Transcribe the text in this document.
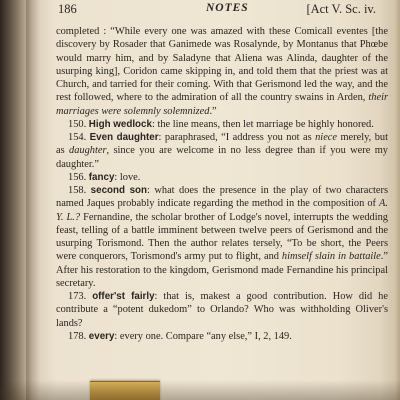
186	NOTES	[Act V. Sc. iv.

completed : “While every one was amazed with these Comicall eventes [the discovery by Rosader that Ganimede was Rosalynde, by Montanus that Phœbe would marry him, and by Saladyne that Aliena was Alinda, daughter of the usurping king], Coridon came skipping in, and told them that the priest was at Church, and tarried for their coming. With that Gerismond led the way, and the rest followed, where to the admiration of all the country swains in Arden, their marriages were solemnly solemnized.”

150. High wedlock: the line means, then let marriage be highly honored.

154. Even daughter: paraphrased, “I address you not as niece merely, but as daughter, since you are welcome in no less degree than if you were my daughter.”

156. fancy: love.

158. second son: what does the presence in the play of two characters named Jaques probably indicate regarding the method in the composition of A. Y. L.? Fernandine, the scholar brother of Lodge's novel, interrupts the wedding feast, telling of a battle imminent between twelve peers of Gerismond and the usurping Torismond. Then the author relates tersely, “To be short, the Peers were conquerors, Torismond's army put to flight, and himself slain in battaile.” After his restoration to the kingdom, Gerismond made Fernandine his principal secretary.

173. offer'st fairly: that is, makest a good contribution. How did he contribute a “potent dukedom” to Orlando? Who was withholding Oliver's lands?

178. every: every one. Compare “any else,” I, 2, 149.
